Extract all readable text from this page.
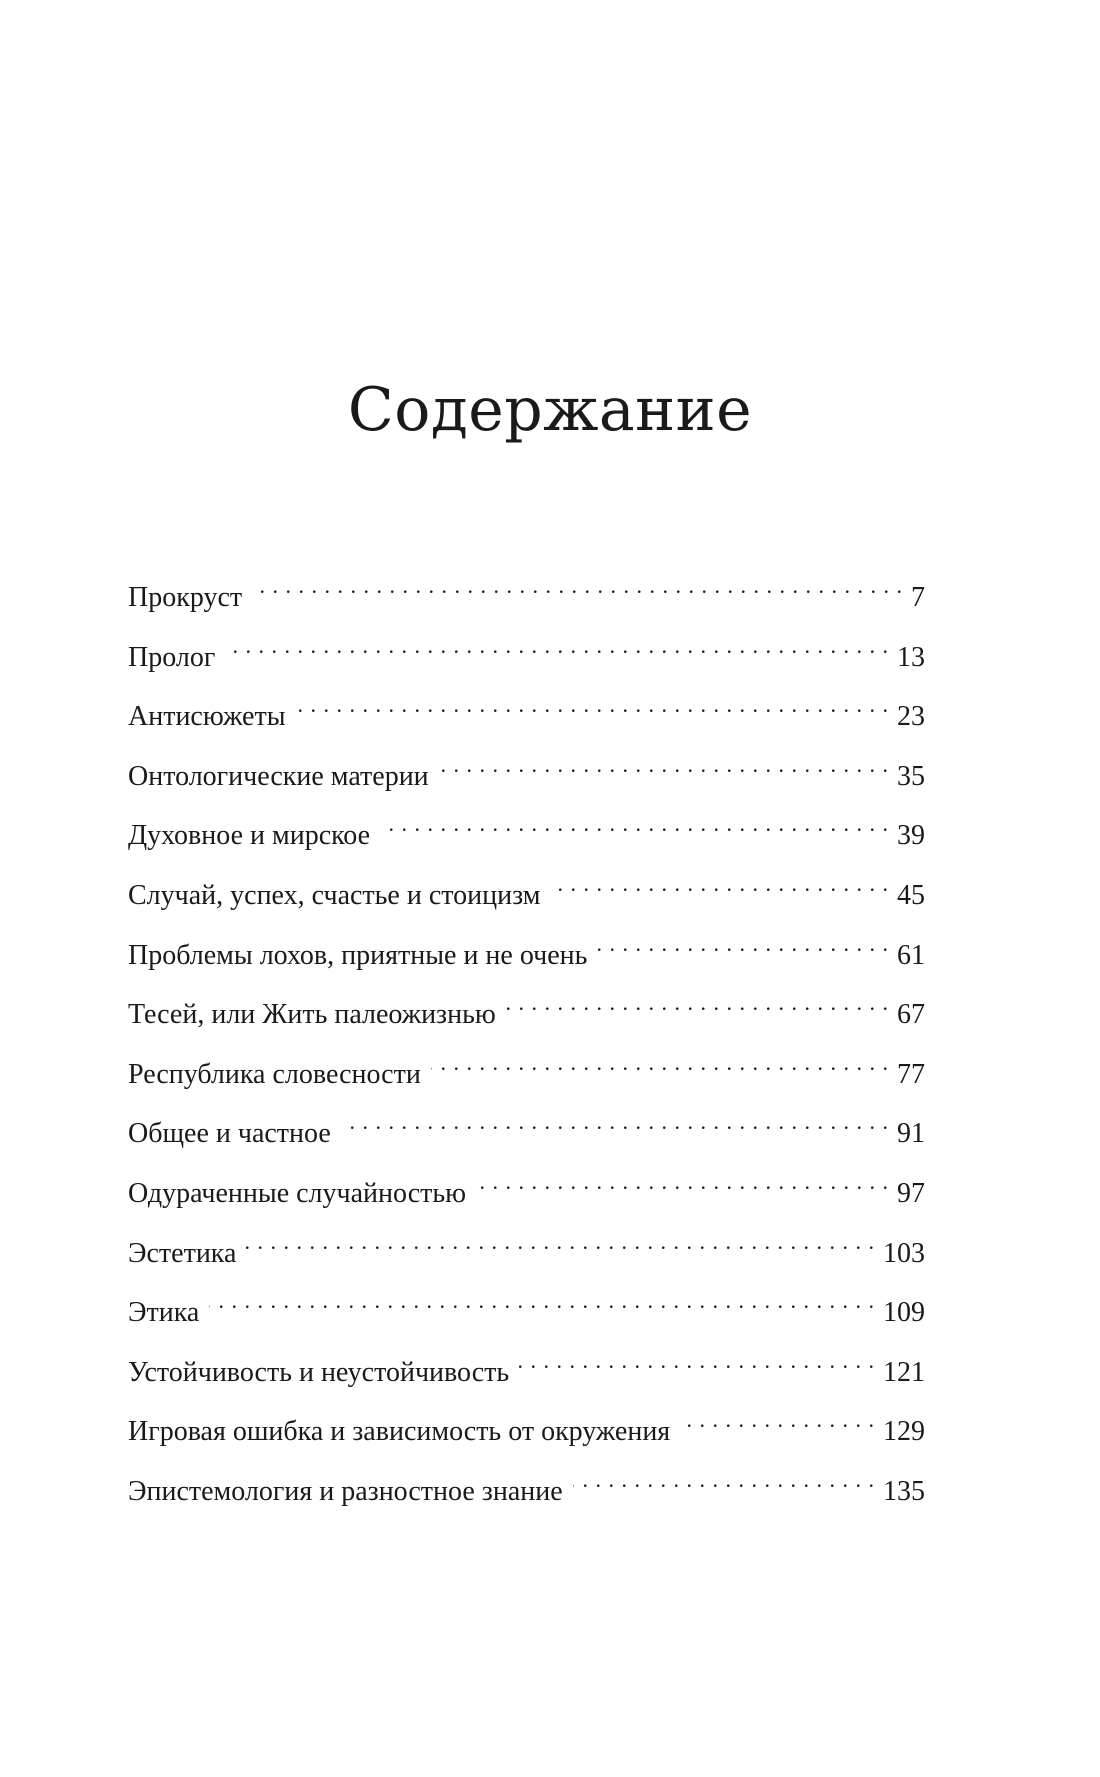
Содержание
Прокруст . . .	7
Пролог . . .	13
Антисюжеты . . .	23
Онтологические материи . . .	35
Духовное и мирское . . .	39
Случай, успех, счастье и стоицизм . . .	45
Проблемы лохов, приятные и не очень . . .	61
Тесей, или Жить палеожизнью . . .	67
Республика словесности . . .	77
Общее и частное . . .	91
Одураченные случайностью . . .	97
Эстетика . . .	103
Этика . . .	109
Устойчивость и неустойчивость . . .	121
Игровая ошибка и зависимость от окружения . . .	129
Эпистемология и разностное знание . . .	135
